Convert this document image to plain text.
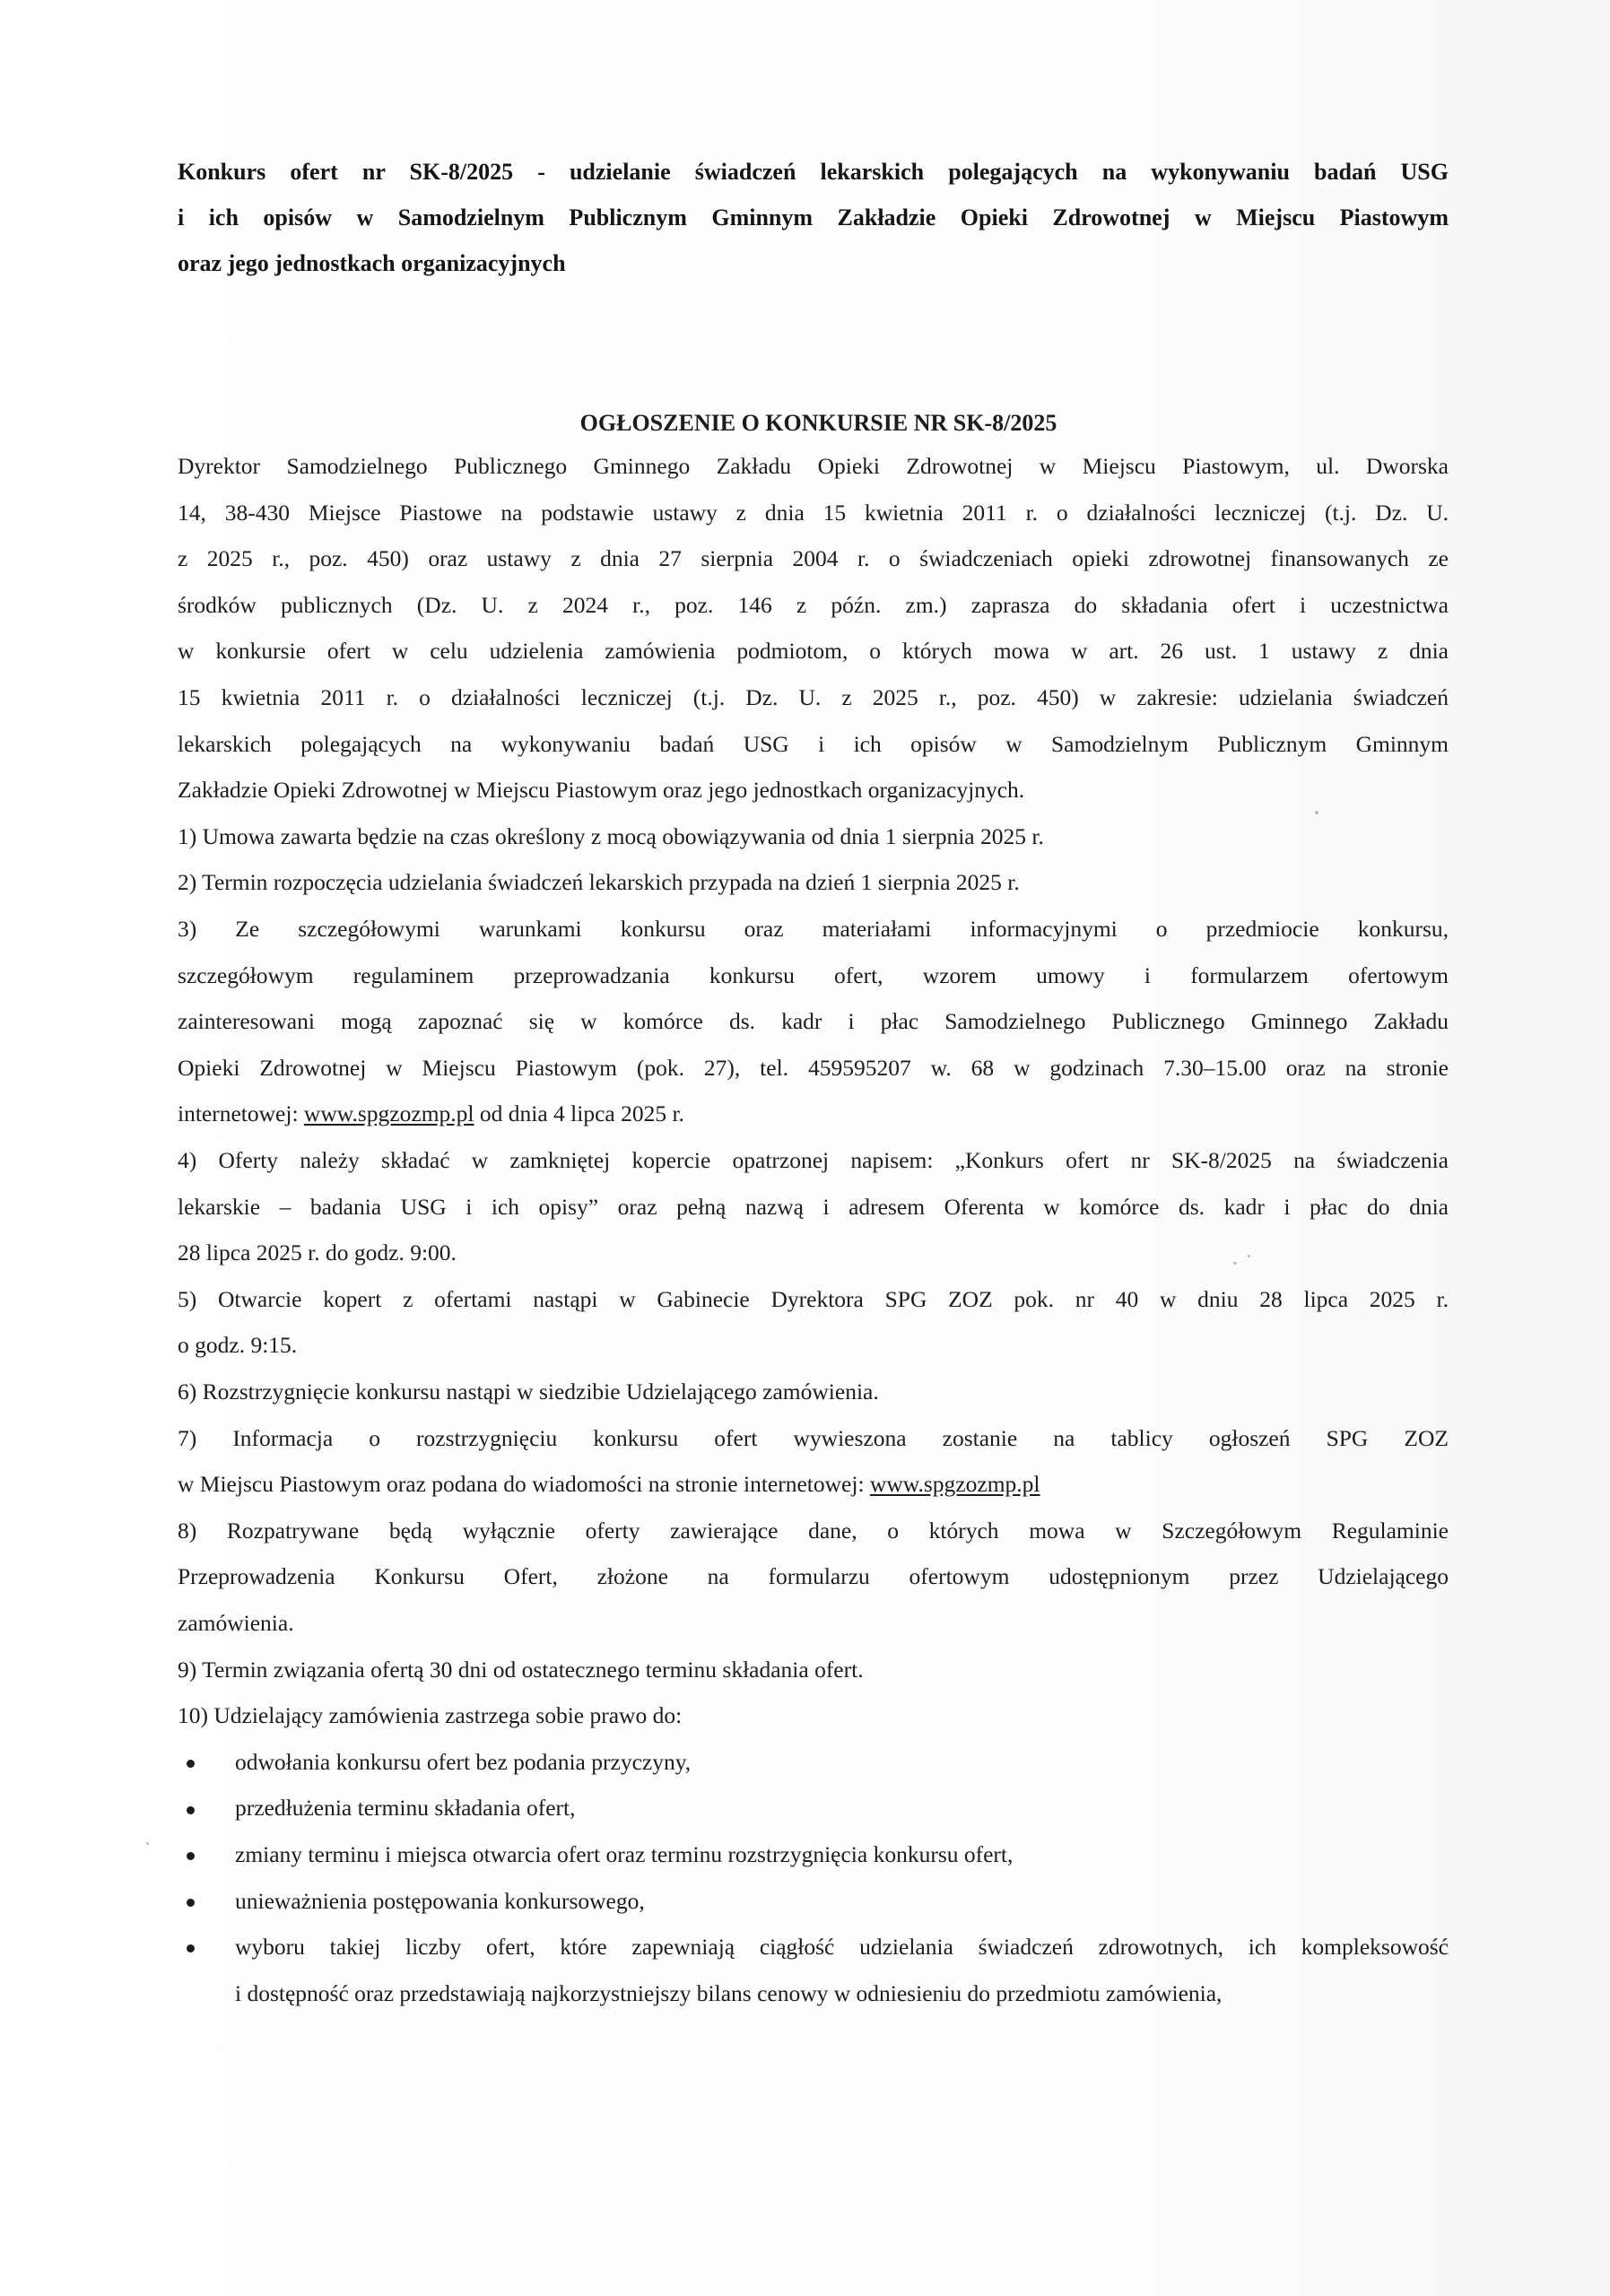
Konkurs ofert nr SK-8/2025 - udzielanie świadczeń lekarskich polegających na wykonywaniu badań USG
i ich opisów w Samodzielnym Publicznym Gminnym Zakładzie Opieki Zdrowotnej w Miejscu Piastowym
oraz jego jednostkach organizacyjnych
OGŁOSZENIE O KONKURSIE NR SK-8/2025
Dyrektor Samodzielnego Publicznego Gminnego Zakładu Opieki Zdrowotnej w Miejscu Piastowym, ul. Dworska
14, 38-430 Miejsce Piastowe na podstawie ustawy z dnia 15 kwietnia 2011 r. o działalności leczniczej (t.j. Dz. U.
z 2025 r., poz. 450) oraz ustawy z dnia 27 sierpnia 2004 r. o świadczeniach opieki zdrowotnej finansowanych ze
środków publicznych (Dz. U. z 2024 r., poz. 146 z późn. zm.) zaprasza do składania ofert i uczestnictwa
w konkursie ofert w celu udzielenia zamówienia podmiotom, o których mowa w art. 26 ust. 1 ustawy z dnia
15 kwietnia 2011 r. o działalności leczniczej (t.j. Dz. U. z 2025 r., poz. 450) w zakresie: udzielania świadczeń
lekarskich polegających na wykonywaniu badań USG i ich opisów w Samodzielnym Publicznym Gminnym
Zakładzie Opieki Zdrowotnej w Miejscu Piastowym oraz jego jednostkach organizacyjnych.
1) Umowa zawarta będzie na czas określony z mocą obowiązywania od dnia 1 sierpnia 2025 r.
2) Termin rozpoczęcia udzielania świadczeń lekarskich przypada na dzień 1 sierpnia 2025 r.
3) Ze szczegółowymi warunkami konkursu oraz materiałami informacyjnymi o przedmiocie konkursu,
szczegółowym regulaminem przeprowadzania konkursu ofert, wzorem umowy i formularzem ofertowym
zainteresowani mogą zapoznać się w komórce ds. kadr i płac Samodzielnego Publicznego Gminnego Zakładu
Opieki Zdrowotnej w Miejscu Piastowym (pok. 27), tel. 459595207 w. 68 w godzinach 7.30–15.00 oraz na stronie
internetowej: www.spgzozmp.pl od dnia 4 lipca 2025 r.
4) Oferty należy składać w zamkniętej kopercie opatrzonej napisem: „Konkurs ofert nr SK-8/2025 na świadczenia
lekarskie – badania USG i ich opisy” oraz pełną nazwą i adresem Oferenta w komórce ds. kadr i płac do dnia
28 lipca 2025 r. do godz. 9:00.
5) Otwarcie kopert z ofertami nastąpi w Gabinecie Dyrektora SPG ZOZ pok. nr 40 w dniu 28 lipca 2025 r.
o godz. 9:15.
6) Rozstrzygnięcie konkursu nastąpi w siedzibie Udzielającego zamówienia.
7) Informacja o rozstrzygnięciu konkursu ofert wywieszona zostanie na tablicy ogłoszeń SPG ZOZ
w Miejscu Piastowym oraz podana do wiadomości na stronie internetowej: www.spgzozmp.pl
8) Rozpatrywane będą wyłącznie oferty zawierające dane, o których mowa w Szczegółowym Regulaminie
Przeprowadzenia Konkursu Ofert, złożone na formularzu ofertowym udostępnionym przez Udzielającego
zamówienia.
9) Termin związania ofertą 30 dni od ostatecznego terminu składania ofert.
10) Udzielający zamówienia zastrzega sobie prawo do:
odwołania konkursu ofert bez podania przyczyny,
przedłużenia terminu składania ofert,
zmiany terminu i miejsca otwarcia ofert oraz terminu rozstrzygnięcia konkursu ofert,
unieważnienia postępowania konkursowego,
wyboru takiej liczby ofert, które zapewniają ciągłość udzielania świadczeń zdrowotnych, ich kompleksowość
i dostępność oraz przedstawiają najkorzystniejszy bilans cenowy w odniesieniu do przedmiotu zamówienia,
